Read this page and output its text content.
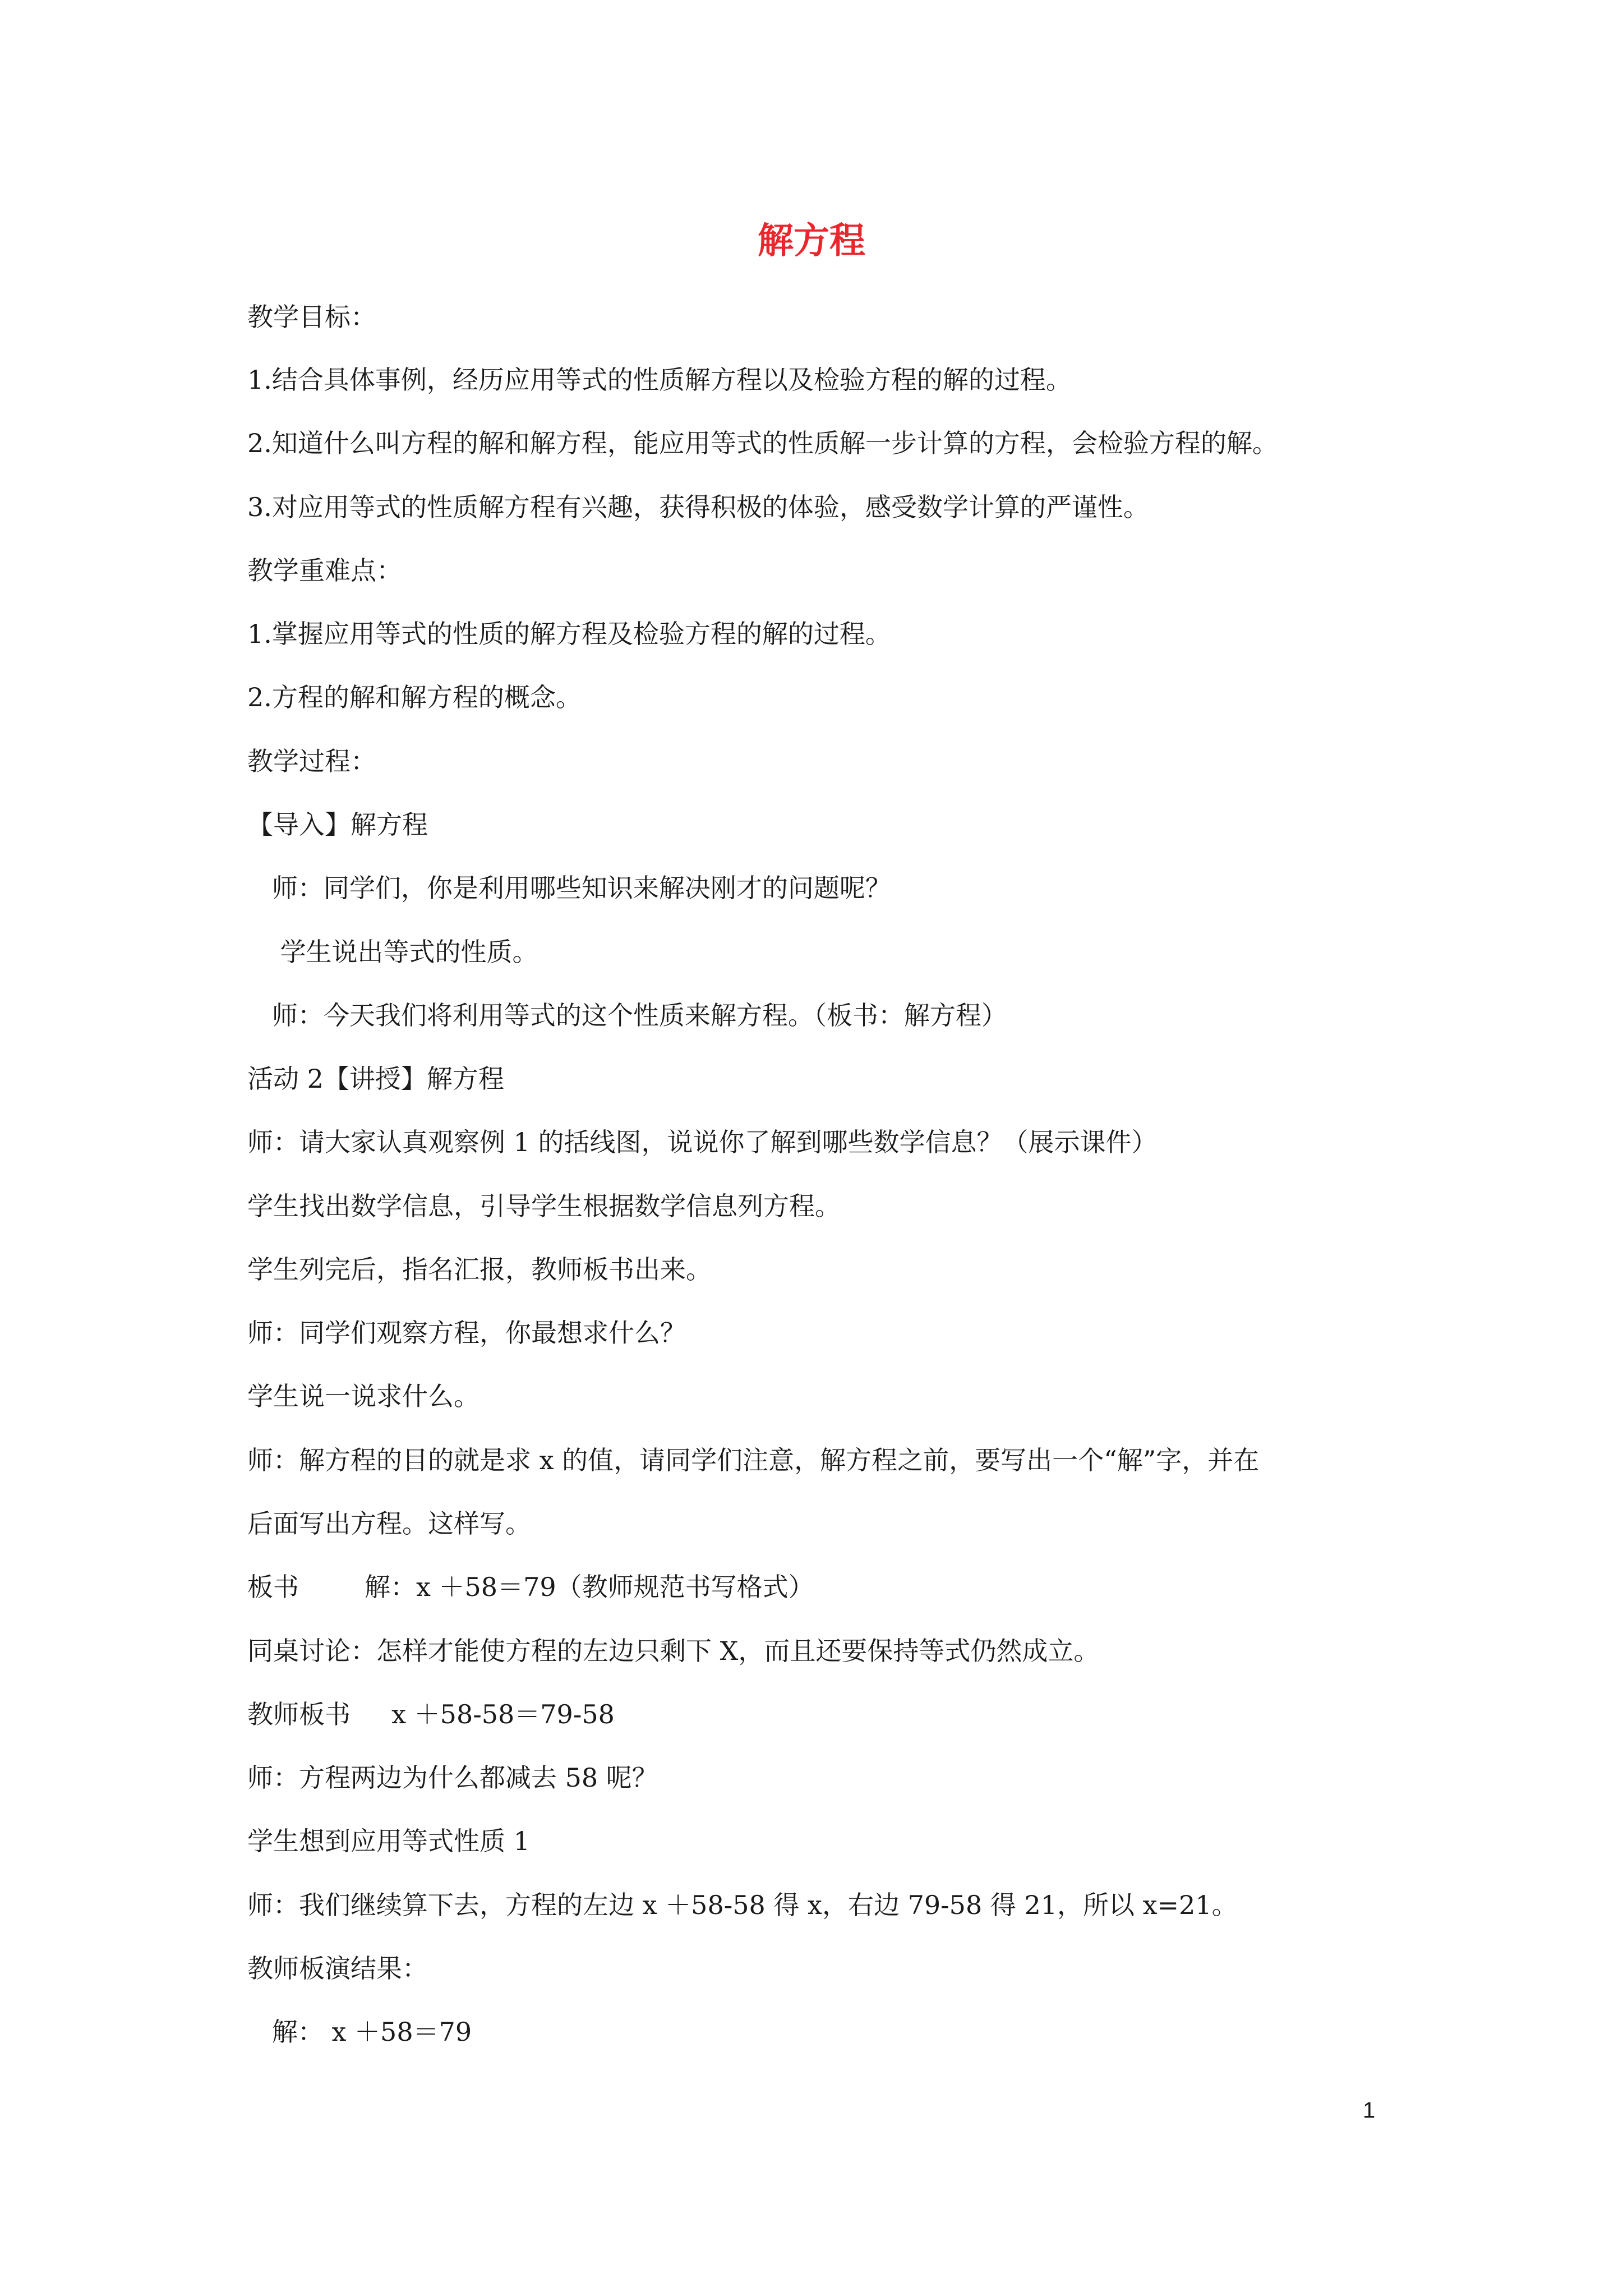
解方程
教学目标：
1.结合具体事例，经历应用等式的性质解方程以及检验方程的解的过程。
2.知道什么叫方程的解和解方程，能应用等式的性质解一步计算的方程，会检验方程的解。
3.对应用等式的性质解方程有兴趣，获得积极的体验，感受数学计算的严谨性。
教学重难点：
1.掌握应用等式的性质的解方程及检验方程的解的过程。
2.方程的解和解方程的概念。
教学过程：
【导入】解方程
师：同学们，你是利用哪些知识来解决刚才的问题呢？
学生说出等式的性质。
师：今天我们将利用等式的这个性质来解方程。（板书：解方程）
活动 2【讲授】解方程
师：请大家认真观察例 1 的括线图，说说你了解到哪些数学信息？（展示课件）
学生找出数学信息，引导学生根据数学信息列方程。
学生列完后，指名汇报，教师板书出来。
师：同学们观察方程，你最想求什么？
学生说一说求什么。
师：解方程的目的就是求 x 的值，请同学们注意，解方程之前，要写出一个“解”字，并在
后面写出方程。这样写。
板书        解：x ＋58＝79（教师规范书写格式）
同桌讨论：怎样才能使方程的左边只剩下 X，而且还要保持等式仍然成立。
教师板书     x ＋58-58＝79-58
师：方程两边为什么都减去 58 呢？
学生想到应用等式性质 1
师：我们继续算下去，方程的左边 x ＋58-58 得 x，右边 79-58 得 21，所以 x=21。
教师板演结果：
解： x ＋58＝79
1
